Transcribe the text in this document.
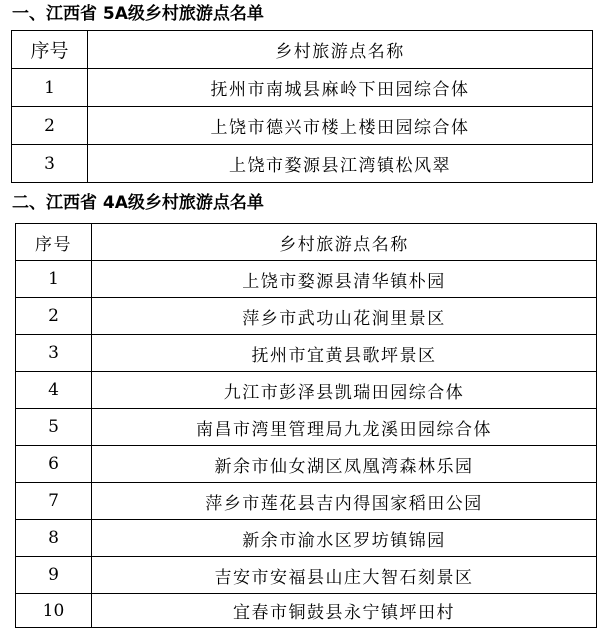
一、江西省 5A级乡村旅游点名单
序号	乡村旅游点名称
1	抚州市南城县麻岭下田园综合体
2	上饶市德兴市楼上楼田园综合体
3	上饶市婺源县江湾镇松风翠
二、江西省 4A级乡村旅游点名单
序号	乡村旅游点名称
1	上饶市婺源县清华镇朴园
2	萍乡市武功山花涧里景区
3	抚州市宜黄县歌坪景区
4	九江市彭泽县凯瑞田园综合体
5	南昌市湾里管理局九龙溪田园综合体
6	新余市仙女湖区凤凰湾森林乐园
7	萍乡市莲花县吉内得国家稻田公园
8	新余市渝水区罗坊镇锦园
9	吉安市安福县山庄大智石刻景区
10	宜春市铜鼓县永宁镇坪田村
